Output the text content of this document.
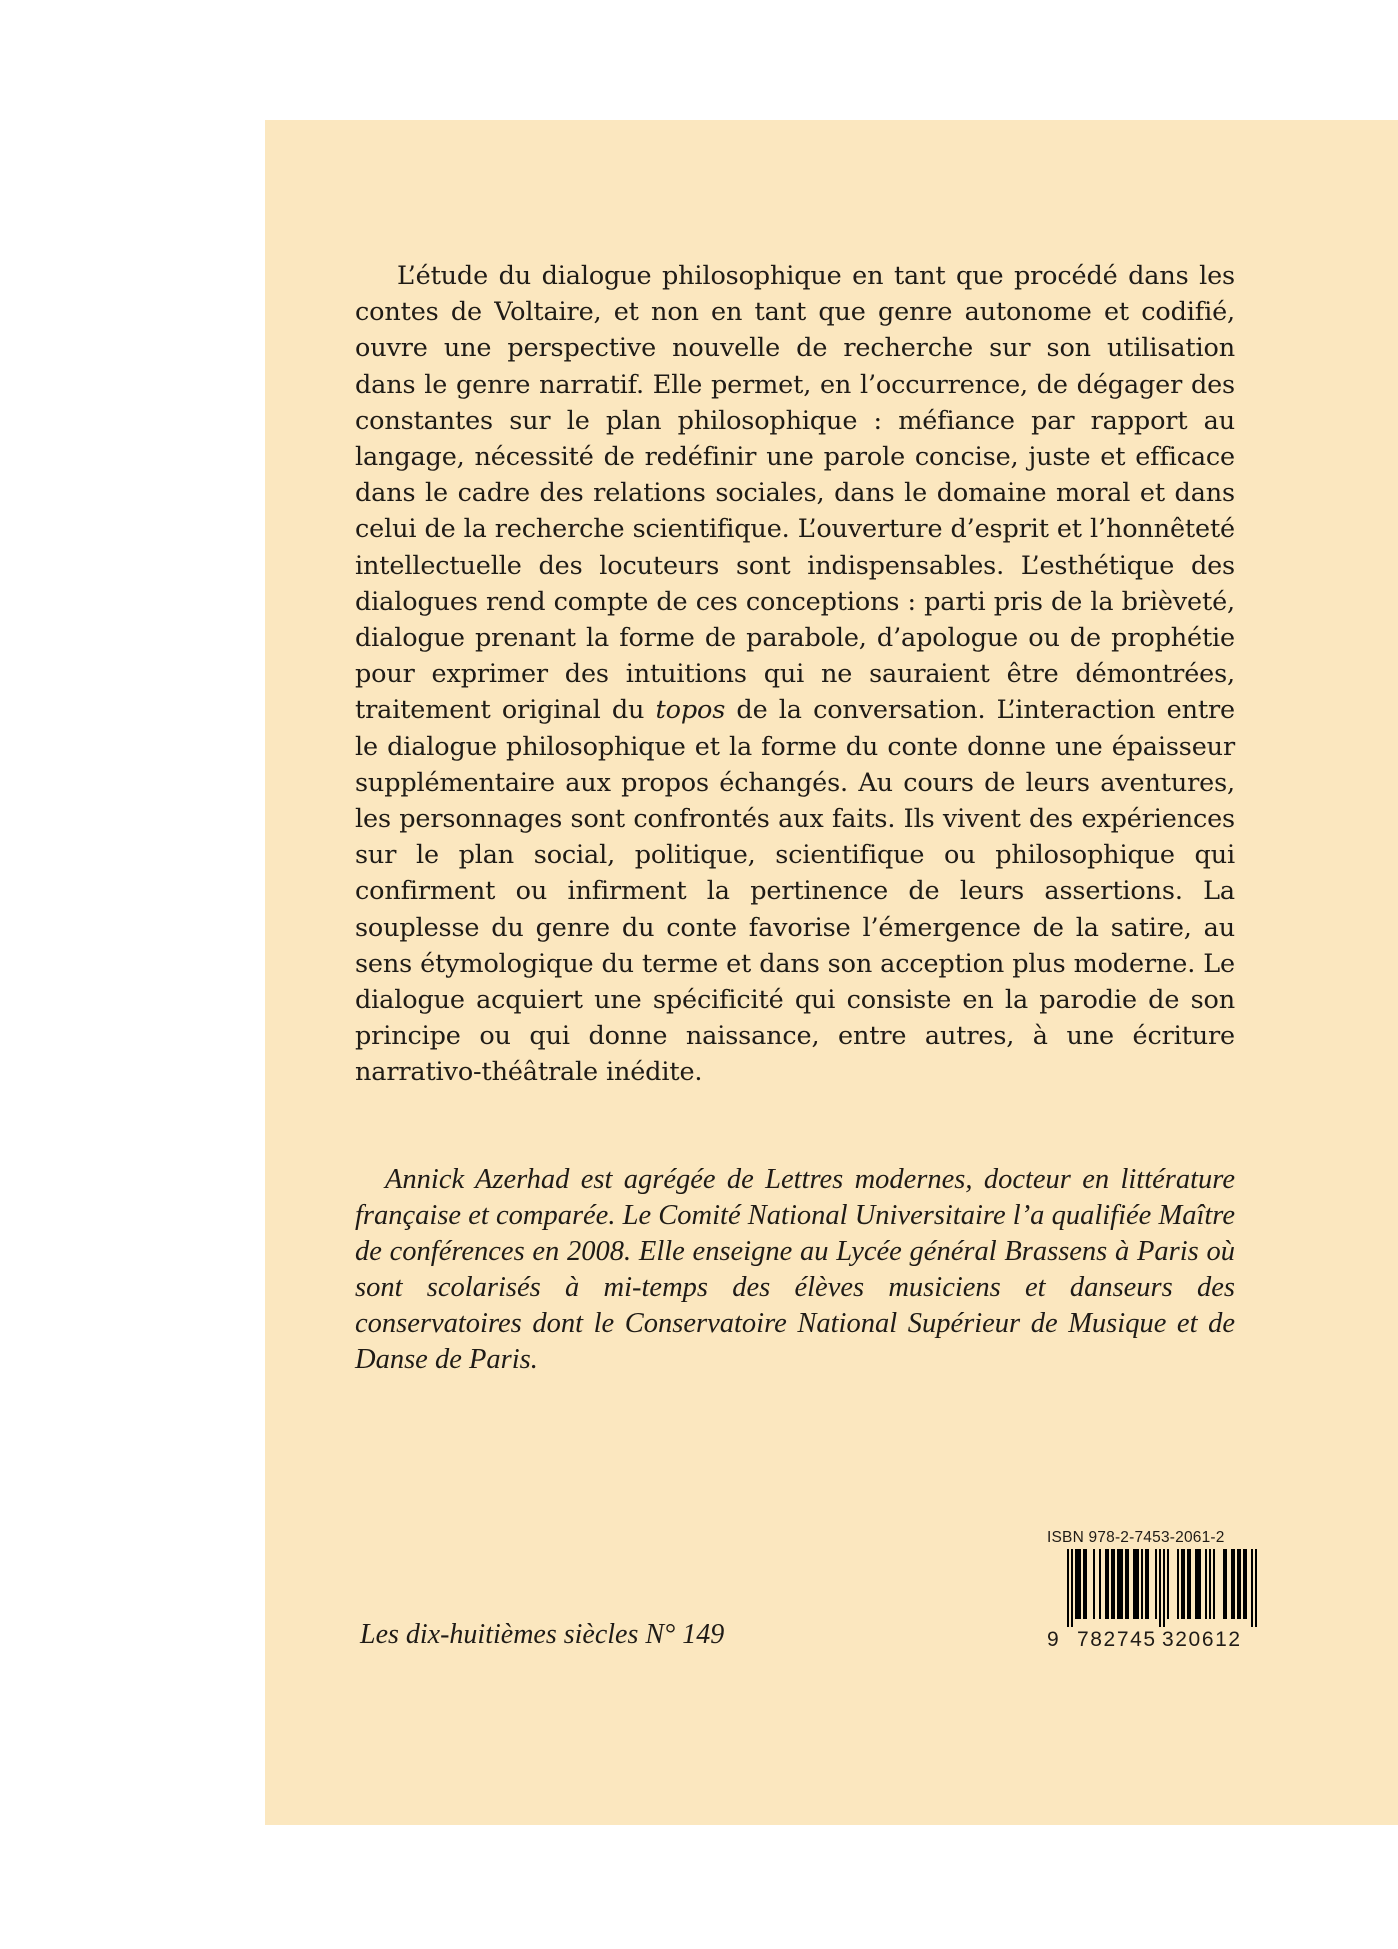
L’étude du dialogue philosophique en tant que procédé dans les contes de Voltaire, et non en tant que genre autonome et codifié, ouvre une perspective nouvelle de recherche sur son utilisation dans le genre narratif. Elle permet, en l’occurrence, de dégager des constantes sur le plan philosophique : méfiance par rapport au langage, nécessité de redéfinir une parole concise, juste et efficace dans le cadre des relations sociales, dans le domaine moral et dans celui de la recherche scientifique. L’ouverture d’esprit et l’honnêteté intellectuelle des locuteurs sont indispensables. L’esthétique des dialogues rend compte de ces conceptions : parti pris de la brièveté, dialogue prenant la forme de parabole, d’apologue ou de prophétie pour exprimer des intuitions qui ne sauraient être démontrées, traitement original du topos de la conversation. L’interaction entre le dialogue philosophique et la forme du conte donne une épaisseur supplémentaire aux propos échangés. Au cours de leurs aventures, les personnages sont confrontés aux faits. Ils vivent des expériences sur le plan social, politique, scientifique ou philosophique qui confirment ou infirment la pertinence de leurs assertions. La souplesse du genre du conte favorise l’émergence de la satire, au sens étymologique du terme et dans son acception plus moderne. Le dialogue acquiert une spécificité qui consiste en la parodie de son principe ou qui donne naissance, entre autres, à une écriture narrativo-théâtrale inédite.

Annick Azerhad est agrégée de Lettres modernes, docteur en littérature française et comparée. Le Comité National Universitaire l’a qualifiée Maître de conférences en 2008. Elle enseigne au Lycée général Brassens à Paris où sont scolarisés à mi-temps des élèves musiciens et danseurs des conservatoires dont le Conservatoire National Supérieur de Musique et de Danse de Paris.

Les dix-huitièmes siècles N° 149

ISBN 978-2-7453-2061-2

9 782745 320612
